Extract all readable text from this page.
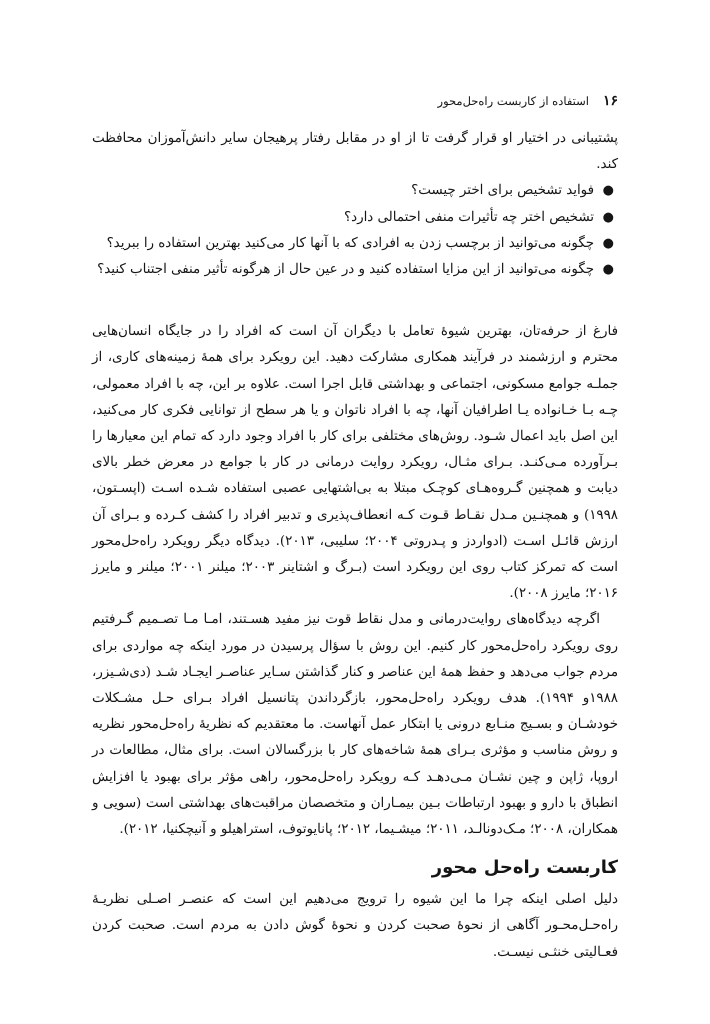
۱۶
استفاده از کاربست راه‌حل‌محور

پشتیبانی در اختیار او قرار گرفت تا از او در مقابل رفتار پرهیجان سایر دانش‌آموزان محافظت کند.

●
فواید تشخیص برای اختر چیست؟
●
تشخیص اختر چه تأثیرات منفی احتمالی دارد؟
●
چگونه می‌توانید از برچسب زدن به افرادی که با آنها کار می‌کنید بهترین استفاده را ببرید؟
●
چگونه می‌توانید از این مزایا استفاده کنید و در عین حال از هرگونه تأثیر منفی اجتناب کنید؟

فارغ از حرفه‌تان، بهترین شیوهٔ تعامل با دیگران آن است که افراد را در جایگاه انسان‌هایی محترم و ارزشمند در فرآیند همکاری مشارکت دهید. این رویکرد برای همهٔ زمینه‌های کاری، از جملـه جوامع مسکونی، اجتماعی و بهداشتی قابل اجرا است. علاوه بر این، چه با افراد معمولی، چـه بـا خـانواده یـا اطرافیان آنها، چه با افراد ناتوان و یا هر سطح از توانایی فکری کار می‌کنید، این اصل باید اعمال شـود. روش‌های مختلفی برای کار با افراد وجود دارد که تمام این معیارها را بـرآورده مـی‌کنـد. بـرای مثـال، رویکرد روایت درمانی در کار با جوامع در معرض خطر بالای دیابت و همچنین گـروه‌هـای کوچـک مبتلا به بی‌اشتهایی عصبی استفاده شـده اسـت (اپسـتون، ۱۹۹۸) و همچنـین مـدل نقـاط قـوت کـه انعطاف‌پذیری و تدبیر افراد را کشف کـرده و بـرای آن ارزش قائـل اسـت (ادواردز و پـدروتی ۲۰۰۴؛ سلیبی، ۲۰۱۳). دیدگاه دیگر رویکرد راه‌حل‌محور است که تمرکز کتاب روی این رویکرد است (بـرگ و اشتاینر ۲۰۰۳؛ میلنر ۲۰۰۱؛ میلنر و مایرز ۲۰۱۶؛ مایرز ۲۰۰۸).

اگرچه دیدگاه‌های روایت‌درمانی و مدل نقاط قوت نیز مفید هسـتند، امـا مـا تصـمیم گـرفتیم روی رویکرد راه‌حل‌محور کار کنیم. این روش با سؤال پرسیدن در مورد اینکه چه مواردی برای مردم جواب می‌دهد و حفظ همهٔ این عناصر و کنار گذاشتن سـایر عناصـر ایجـاد شـد (دی‌شـیزر، ۱۹۸۸و ۱۹۹۴). هدف رویکرد راه‌حل‌محور، بازگرداندن پتانسیل افراد بـرای حـل مشـکلات خودشـان و بسـیج منـابع درونی یا ابتکار عمل آنهاست. ما معتقدیم که نظریهٔ راه‌حل‌محور نظریه و روش مناسب و مؤثری بـرای همهٔ شاخه‌های کار با بزرگسالان است. برای مثال، مطالعات در اروپا، ژاپن و چین نشـان مـی‌دهـد کـه رویکرد راه‌حل‌محور، راهی مؤثر برای بهبود یا افزایش انطباق با دارو و بهبود ارتباطات بـین بیمـاران و متخصصان مراقبت‌های بهداشتی است (سویی و همکاران، ۲۰۰۸؛ مـک‌دونالـد، ۲۰۱۱؛ میشـیما، ۲۰۱۲؛ پانایوتوف، استراهیلو و آنیچکنیا، ۲۰۱۲).

کاربست راه‌حل محور

دلیل اصلی اینکه چرا ما این شیوه را ترویج می‌دهیم این است که عنصـر اصـلی نظریـهٔ راه‌حـل‌محـور آگاهی از نحوهٔ صحبت کردن و نحوهٔ گوش دادن به مردم است. صحبت کردن فعـالیتی خنثـی نیسـت.
